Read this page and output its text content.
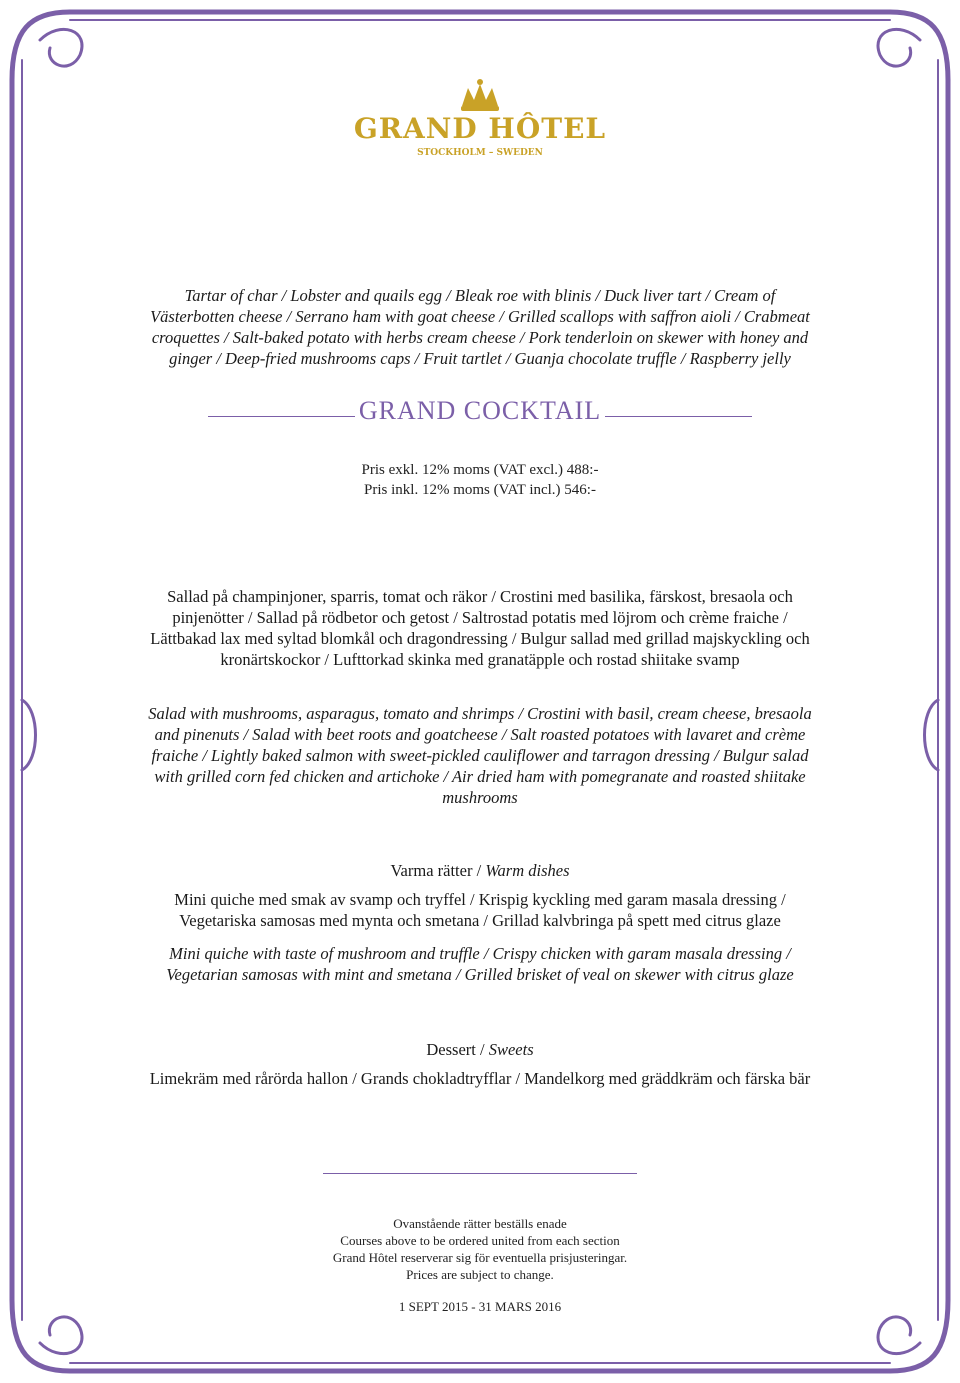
GRAND HÔTEL
STOCKHOLM – SWEDEN
Tartar of char / Lobster and quails egg / Bleak roe with blinis / Duck liver tart / Cream of Västerbotten cheese / Serrano ham with goat cheese / Grilled scallops with saffron aioli / Crabmeat croquettes / Salt-baked potato with herbs cream cheese / Pork tenderloin on skewer with honey and ginger / Deep-fried mushrooms caps / Fruit tartlet / Guanja chocolate truffle / Raspberry jelly
GRAND COCKTAIL
Pris exkl. 12% moms (VAT excl.) 488:-
Pris inkl. 12% moms (VAT incl.) 546:-
Sallad på champinjoner, sparris, tomat och räkor / Crostini med basilika, färskost, bresaola och pinjenötter / Sallad på rödbetor och getost / Saltrostad potatis med löjrom och crème fraiche / Lättbakad lax med syltad blomkål och dragondressing / Bulgur sallad med grillad majskyckling och kronärtskockor / Lufttorkad skinka med granatäpple och rostad shiitake svamp
Salad with mushrooms, asparagus, tomato and shrimps / Crostini with basil, cream cheese, bresaola and pinenuts / Salad with beet roots and goatcheese / Salt roasted potatoes with lavaret and crème fraiche / Lightly baked salmon with sweet-pickled cauliflower and tarragon dressing / Bulgur salad with grilled corn fed chicken and artichoke / Air dried ham with pomegranate and roasted shiitake mushrooms
Varma rätter / Warm dishes
Mini quiche med smak av svamp och tryffel / Krispig kyckling med garam masala dressing / Vegetariska samosas med mynta och smetana / Grillad kalvbringa på spett med citrus glaze
Mini quiche with taste of mushroom and truffle / Crispy chicken with garam masala dressing / Vegetarian samosas with mint and smetana / Grilled brisket of veal on skewer with citrus glaze
Dessert / Sweets
Limekräm med rårörda hallon / Grands chokladtryfflar / Mandelkorg med gräddkräm och färska bär
Ovanstående rätter beställs enade
Courses above to be ordered united from each section
Grand Hôtel reserverar sig för eventuella prisjusteringar.
Prices are subject to change.
1 SEPT 2015 - 31 MARS 2016
